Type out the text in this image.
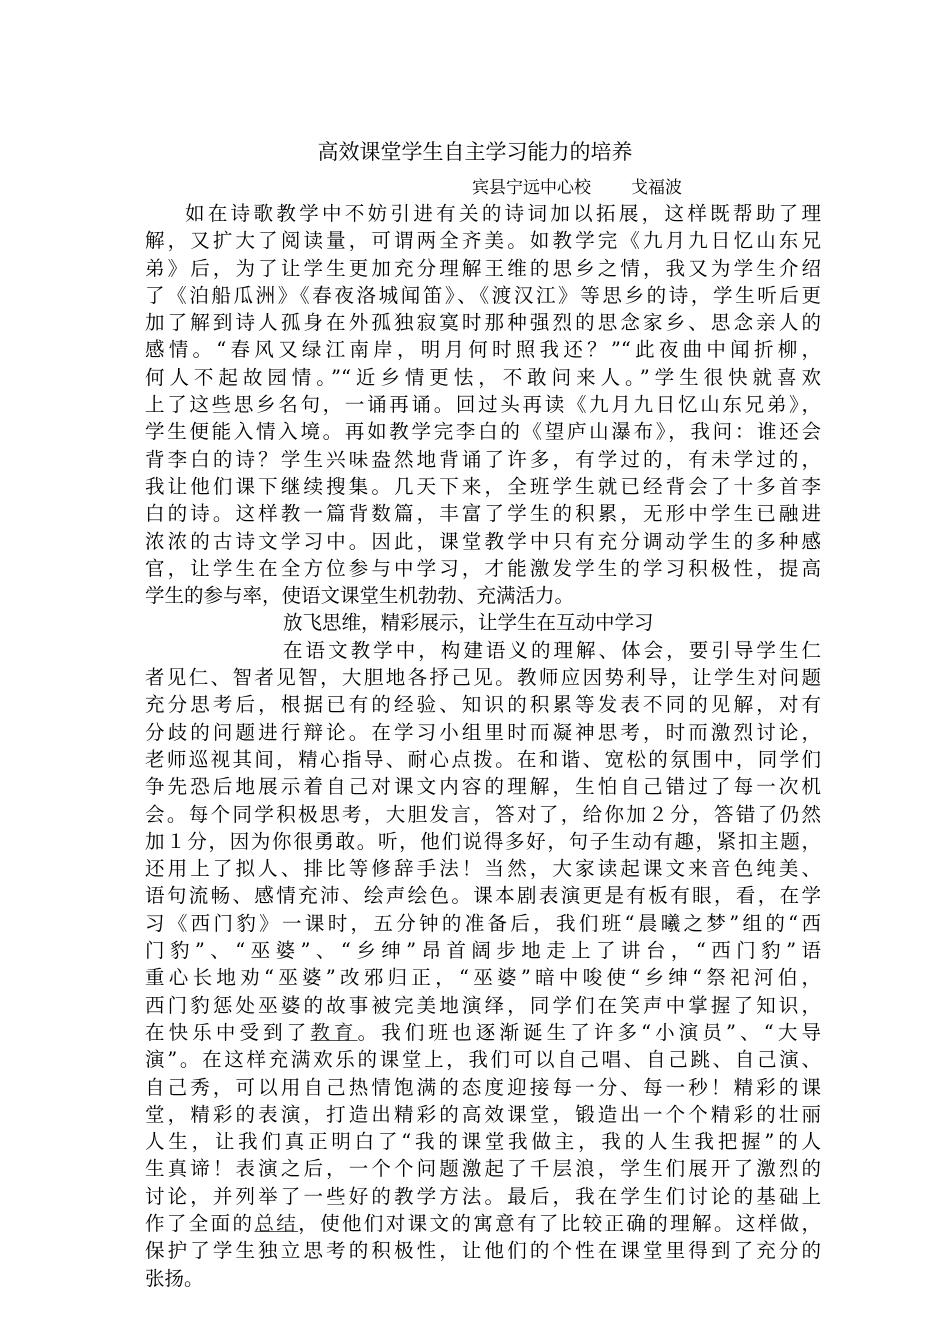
高效课堂学生自主学习能力的培养
宾县宁远中心校 戈福波
如在诗歌教学中不妨引进有关的诗词加以拓展，这样既帮助了理
解，又扩大了阅读量，可谓两全齐美。如教学完《九月九日忆山东兄
弟》后，为了让学生更加充分理解王维的思乡之情，我又为学生介绍
了《泊船瓜洲》《春夜洛城闻笛》、《渡汉江》等思乡的诗，学生听后更
加了解到诗人孤身在外孤独寂寞时那种强烈的思念家乡、思念亲人的
感情。“春风又绿江南岸，明月何时照我还？”“此夜曲中闻折柳，
何人不起故园情。”“近乡情更怯，不敢问来人。”学生很快就喜欢
上了这些思乡名句，一诵再诵。回过头再读《九月九日忆山东兄弟》，
学生便能入情入境。再如教学完李白的《望庐山瀑布》，我问：谁还会
背李白的诗？学生兴味盎然地背诵了许多，有学过的，有未学过的，
我让他们课下继续搜集。几天下来，全班学生就已经背会了十多首李
白的诗。这样教一篇背数篇，丰富了学生的积累，无形中学生已融进
浓浓的古诗文学习中。因此，课堂教学中只有充分调动学生的多种感
官，让学生在全方位参与中学习，才能激发学生的学习积极性，提高
学生的参与率，使语文课堂生机勃勃、充满活力。
放飞思维，精彩展示，让学生在互动中学习
在语文教学中，构建语义的理解、体会，要引导学生仁
者见仁、智者见智，大胆地各抒己见。教师应因势利导，让学生对问题
充分思考后，根据已有的经验、知识的积累等发表不同的见解，对有
分歧的问题进行辩论。在学习小组里时而凝神思考，时而激烈讨论，
老师巡视其间，精心指导、耐心点拨。在和谐、宽松的氛围中，同学们
争先恐后地展示着自己对课文内容的理解，生怕自己错过了每一次机
会。每个同学积极思考，大胆发言，答对了，给你加２分，答错了仍然
加１分，因为你很勇敢。听，他们说得多好，句子生动有趣，紧扣主题，
还用上了拟人、排比等修辞手法！当然，大家读起课文来音色纯美、
语句流畅、感情充沛、绘声绘色。课本剧表演更是有板有眼，看，在学
习《西门豹》一课时，五分钟的准备后，我们班“晨曦之梦”组的“西
门豹”、“巫婆”、“乡绅”昂首阔步地走上了讲台，“西门豹”语
重心长地劝“巫婆”改邪归正，“巫婆”暗中唆使“乡绅“祭祀河伯，
西门豹惩处巫婆的故事被完美地演绎，同学们在笑声中掌握了知识，
在快乐中受到了教育。我们班也逐渐诞生了许多“小演员”、“大导
演”。在这样充满欢乐的课堂上，我们可以自己唱、自己跳、自己演、
自己秀，可以用自己热情饱满的态度迎接每一分、每一秒！精彩的课
堂，精彩的表演，打造出精彩的高效课堂，锻造出一个个精彩的壮丽
人生，让我们真正明白了“我的课堂我做主，我的人生我把握”的人
生真谛！表演之后，一个个问题激起了千层浪，学生们展开了激烈的
讨论，并列举了一些好的教学方法。最后，我在学生们讨论的基础上
作了全面的总结，使他们对课文的寓意有了比较正确的理解。这样做，
保护了学生独立思考的积极性，让他们的个性在课堂里得到了充分的
张扬。
